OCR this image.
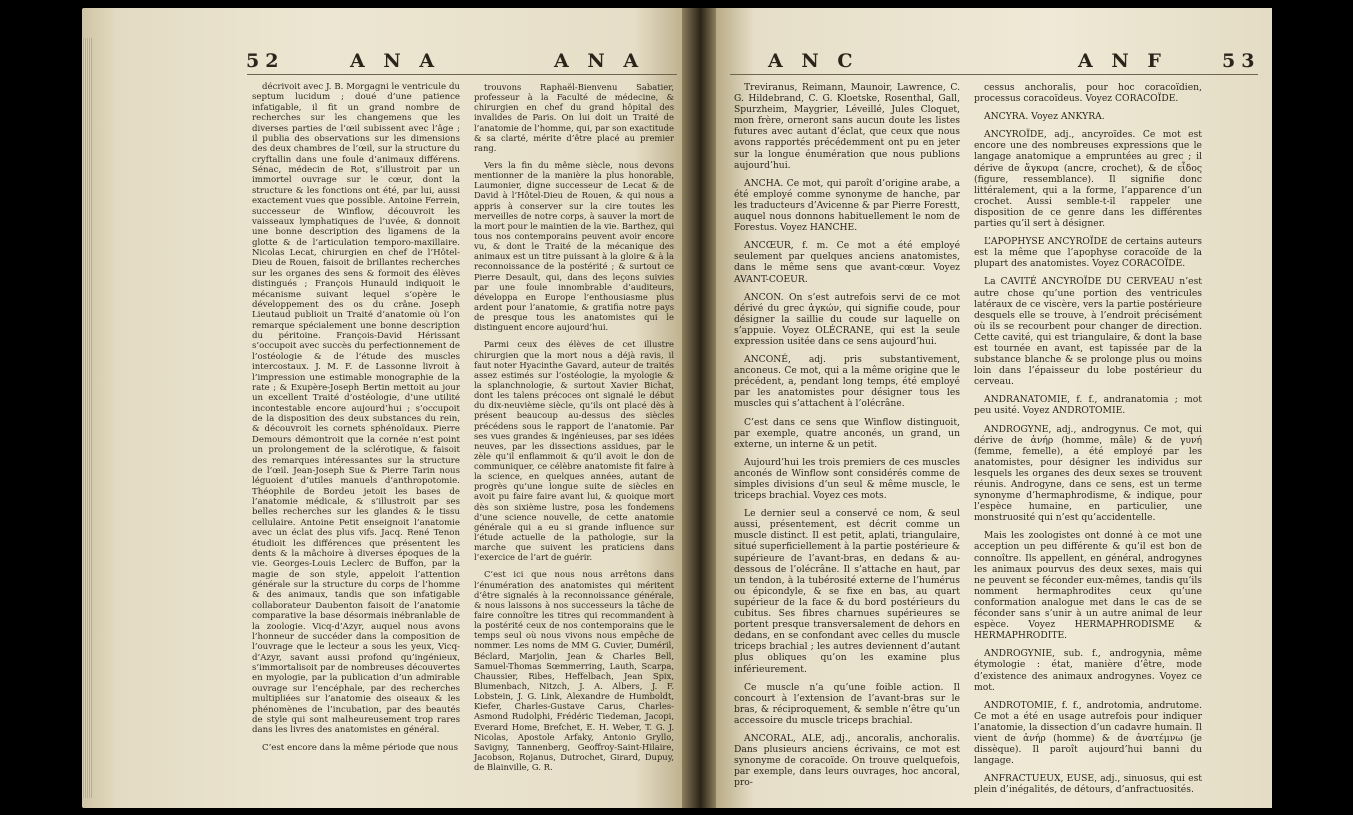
52	A N A	A N A

décrivoit avec J. B. Morgagni le ventricule du septum lucidum ; doué d’une patience infatigable, il fit un grand nombre de recherches sur les changemens que les diverses parties de l’œil subissent avec l’âge ; il publia des observations sur les dimensions des deux chambres de l’œil, sur la structure du cryftallin dans une foule d’animaux différens. Sénac, médecin de Rot, s’illustroit par un immortel ouvrage sur le cœur, dont la structure & les fonctions ont été, par lui, aussi exactement vues que possible. Antoine Ferrein, successeur de Winflow, découvroit les vaisseaux lymphatiques de l’uvée, & donnoit une bonne description des ligamens de la glotte & de l’articulation temporo-maxillaire. Nicolas Lecat, chirurgien en chef de l’Hôtel-Dieu de Rouen, faisoit de brillantes recherches sur les organes des sens & formoit des élèves distingués ; François Hunauld indiquoit le mécanisme suivant lequel s’opère le développement des os du crâne. Joseph Lieutaud publioit un Traité d’anatomie où l’on remarque spécialement une bonne description du péritoine. François-David Hérissant s’occupoit avec succès du perfectionnement de l’ostéologie & de l’étude des muscles intercostaux. J. M. F. de Lassonne livroit à l’impression une estimable monographie de la rate ; & Exupère-Joseph Bertin mettoit au jour un excellent Traité d’ostéologie, d’une utilité incontestable encore aujourd’hui ; s’occupoit de la disposition des deux substances du rein, & découvroit les cornets sphénoïdaux. Pierre Demours démontroit que la cornée n’est point un prolongement de la sclérotique, & faisoit des remarques intéressantes sur la structure de l’œil. Jean-Joseph Sue & Pierre Tarin nous léguoient d’utiles manuels d’anthropotomie. Théophile de Bordeu jetoit les bases de l’anatomie médicale, & s’illustroit par ses belles recherches sur les glandes & le tissu cellulaire. Antoine Petit enseignoit l’anatomie avec un éclat des plus vifs. Jacq. René Tenon étudioit les différences que présentent les dents & la mâchoire à diverses époques de la vie. Georges-Louis Leclerc de Buffon, par la magie de son style, appeloit l’attention générale sur la structure du corps de l’homme & des animaux, tandis que son infatigable collaborateur Daubenton faisoit de l’anatomie comparative la base désormais inébranlable de la zoologie. Vicq-d’Azyr, auquel nous avons l’honneur de succéder dans la composition de l’ouvrage que le lecteur a sous les yeux, Vicq-d’Azyr, savant aussi profond qu’ingénieux, s’immortalisoit par de nombreuses découvertes en myologie, par la publication d’un admirable ouvrage sur l’encéphale, par des recherches multipliées sur l’anatomie des oiseaux & les phénomènes de l’incubation, par des beautés de style qui sont malheureusement trop rares dans les livres des anatomistes en général.

C’est encore dans la même période que nous

trouvons Raphaël-Bienvenu Sabatier, professeur à la Faculté de médecine, & chirurgien en chef du grand hôpital des invalides de Paris. On lui doit un Traité de l’anatomie de l’homme, qui, par son exactitude & sa clarté, mérite d’être placé au premier rang.

Vers la fin du même siècle, nous devons mentionner de la manière la plus honorable, Laumonier, digne successeur de Lecat & de David à l’Hôtel-Dieu de Rouen, & qui nous a appris à conserver sur la cire toutes les merveilles de notre corps, à sauver la mort de la mort pour le maintien de la vie. Barthez, qui tous nos contemporains peuvent avoir encore vu, & dont le Traité de la mécanique des animaux est un titre puissant à la gloire & à la reconnoissance de la postérité ; & surtout ce Pierre Desault, qui, dans des leçons suivies par une foule innombrable d’auditeurs, développa en Europe l’enthousiasme plus ardent pour l’anatomie, & gratifia notre pays de presque tous les anatomistes qui le distinguent encore aujourd’hui.

Parmi ceux des élèves de cet illustre chirurgien que la mort nous a déjà ravis, il faut noter Hyacinthe Gavard, auteur de traités assez estimés sur l’ostéologie, la myologie & la splanchnologie, & surtout Xavier Bichat, dont les talens précoces ont signalé le début du dix-neuvième siècle, qu’ils ont placé dès à présent beaucoup au-dessus des siècles précédens sous le rapport de l’anatomie. Par ses vues grandes & ingénieuses, par ses idées neuves, par les dissections assidues, par le zèle qu’il enflammoit & qu’il avoit le don de communiquer, ce célèbre anatomiste fit faire à la science, en quelques années, autant de progrès qu’une longue suite de siècles en avoit pu faire faire avant lui, & quoique mort dès son sixième lustre, posa les fondemens d’une science nouvelle, de cette anatomie générale qui a eu si grande influence sur l’étude actuelle de la pathologie, sur la marche que suivent les praticiens dans l’exercice de l’art de guérir.

C’est ici que nous nous arrêtons dans l’énumération des anatomistes qui méritent d’être signalés à la reconnoissance générale, & nous laissons à nos successeurs la tâche de faire connoître les titres qui recommandent à la postérité ceux de nos contemporains que le temps seul où nous vivons nous empêche de nommer. Les noms de MM G. Cuvier, Duméril, Béclard, Marjolin, Jean & Charles Bell, Samuel-Thomas Sœmmerring, Lauth, Scarpa, Chaussier, Ribes, Heffelbach, Jean Spix, Blumenbach, Nitzch, J. A. Albers, J. F. Lobstein, J. G. Link, Alexandre de Humboldt, Kiefer, Charles-Gustave Carus, Charles-Asmond Rudolphi, Frédéric Tiedeman, Jacopi, Everard Home, Brefchet, E. H. Weber, T. G. J. Nicolas, Apostole Arfaky, Antonio Gryllo, Savigny, Tannenberg, Geoffroy-Saint-Hilaire, Jacobson, Rojanus, Dutrochet, Girard, Dupuy, de Blainville, G. R.

A N C	A N F	53

Treviranus, Reimann, Maunoir, Lawrence, C. G. Hildebrand, C. G. Kloetske, Rosenthal, Gall, Spurzheim, Maygrier, Léveillé, Jules Cloquet, mon frère, orneront sans aucun doute les listes futures avec autant d’éclat, que ceux que nous avons rapportés précédemment ont pu en jeter sur la longue énumération que nous publions aujourd’hui.

ANCHA. Ce mot, qui paroît d’origine arabe, a été employé comme synonyme de hanche, par les traducteurs d’Avicenne & par Pierre Forestt, auquel nous donnons habituellement le nom de Forestus. Voyez HANCHE.

ANCŒUR, f. m. Ce mot a été employé seulement par quelques anciens anatomistes, dans le même sens que avant-cœur. Voyez AVANT-COEUR.

ANCON. On s’est autrefois servi de ce mot dérivé du grec ἀγκών, qui signifie coude, pour désigner la saillie du coude sur laquelle on s’appuie. Voyez OLÉCRANE, qui est la seule expression usitée dans ce sens aujourd’hui.

ANCONÉ, adj. pris substantivement, anconeus. Ce mot, qui a la même origine que le précédent, a, pendant long temps, été employé par les anatomistes pour désigner tous les muscles qui s’attachent à l’olécrâne.

C’est dans ce sens que Winflow distinguoit, par exemple, quatre anconés, un grand, un externe, un interne & un petit.

Aujourd’hui les trois premiers de ces muscles anconés de Winflow sont considérés comme de simples divisions d’un seul & même muscle, le triceps brachial. Voyez ces mots.

Le dernier seul a conservé ce nom, & seul aussi, présentement, est décrit comme un muscle distinct. Il est petit, aplati, triangulaire, situé superficiellement à la partie postérieure & supérieure de l’avant-bras, en dedans & au-dessous de l’olécrâne. Il s’attache en haut, par un tendon, à la tubérosité externe de l’humérus ou épicondyle, & se fixe en bas, au quart supérieur de la face & du bord postérieurs du cubitus. Ses fibres charnues supérieures se portent presque transversalement de dehors en dedans, en se confondant avec celles du muscle triceps brachial ; les autres deviennent d’autant plus obliques qu’on les examine plus inférieurement.

Ce muscle n’a qu’une foible action. Il concourt à l’extension de l’avant-bras sur le bras, & réciproquement, & semble n’être qu’un accessoire du muscle triceps brachial.

ANCORAL, ALE, adj., ancoralis, anchoralis. Dans plusieurs anciens écrivains, ce mot est synonyme de coracoïde. On trouve quelquefois, par exemple, dans leurs ouvrages, hoc ancoral, pro-

cessus anchoralis, pour hoc coracoïdien, processus coracoïdeus. Voyez CORACOÏDE.

ANCYRA. Voyez ANKYRA.

ANCYROÏDE, adj., ancyroïdes. Ce mot est encore une des nombreuses expressions que le langage anatomique a empruntées au grec ; il dérive de ἄγκυρα (ancre, crochet), & de εἶδος (figure, ressemblance). Il signifie donc littéralement, qui a la forme, l’apparence d’un crochet. Aussi semble-t-il rappeler une disposition de ce genre dans les différentes parties qu’il sert à désigner.

L’APOPHYSE ANCYROÏDE de certains auteurs est la même que l’apophyse coracoïde de la plupart des anatomistes. Voyez CORACOÏDE.

La CAVITÉ ANCYROÏDE DU CERVEAU n’est autre chose qu’une portion des ventricules latéraux de ce viscère, vers la partie postérieure desquels elle se trouve, à l’endroit précisément où ils se recourbent pour changer de direction. Cette cavité, qui est triangulaire, & dont la base est tournée en avant, est tapissée par de la substance blanche & se prolonge plus ou moins loin dans l’épaisseur du lobe postérieur du cerveau.

ANDRANATOMIE, f. f., andranatomia ; mot peu usité. Voyez ANDROTOMIE.

ANDROGYNE, adj., androgynus. Ce mot, qui dérive de ἀνήρ (homme, mâle) & de γυνή (femme, femelle), a été employé par les anatomistes, pour désigner les individus sur lesquels les organes des deux sexes se trouvent réunis. Androgyne, dans ce sens, est un terme synonyme d’hermaphrodisme, & indique, pour l’espèce humaine, en particulier, une monstruosité qui n’est qu’accidentelle.

Mais les zoologistes ont donné à ce mot une acception un peu différente & qu’il est bon de connoître. Ils appellent, en général, androgynes les animaux pourvus des deux sexes, mais qui ne peuvent se féconder eux-mêmes, tandis qu’ils nomment hermaphrodites ceux qu’une conformation analogue met dans le cas de se féconder sans s’unir à un autre animal de leur espèce. Voyez HERMAPHRODISME & HERMAPHRODITE.

ANDROGYNIE, sub. f., androgynia, même étymologie : état, manière d’être, mode d’existence des animaux androgynes. Voyez ce mot.

ANDROTOMIE, f. f., androtomia, andrutome. Ce mot a été en usage autrefois pour indiquer l’anatomie, la dissection d’un cadavre humain. Il vient de ἀνήρ (homme) & de ἀνατέμνω (je dissèque). Il paroît aujourd’hui banni du langage.

ANFRACTUEUX, EUSE, adj., sinuosus, qui est plein d’inégalités, de détours, d’anfractuosités.
